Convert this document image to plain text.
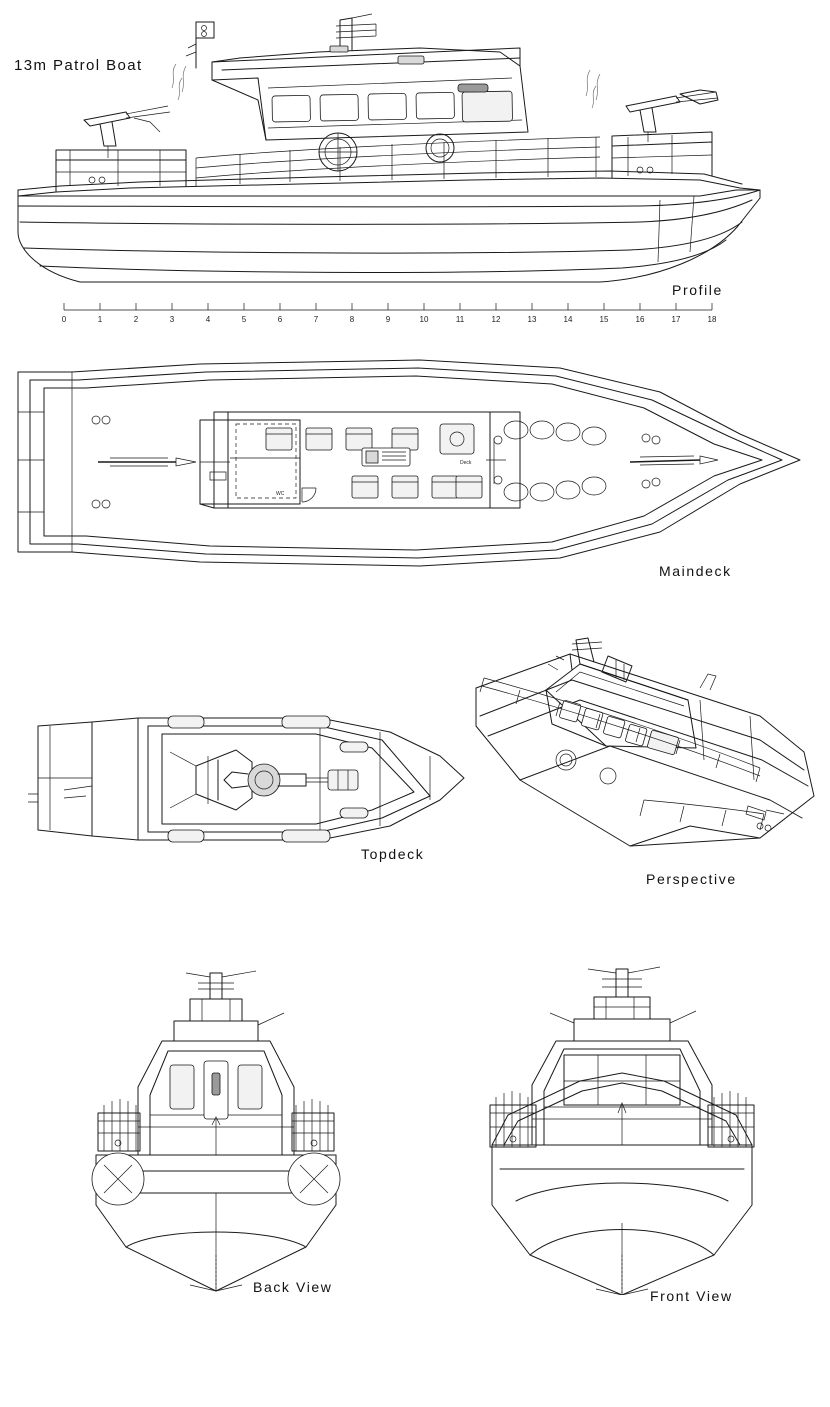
13m Patrol Boat
0	1	2	3	4	5	6	7	8	9	10	11	12	13	14	15	16	17	18
Profile
WC
Deck
Maindeck
Topdeck
Perspective
Back View
Front View
